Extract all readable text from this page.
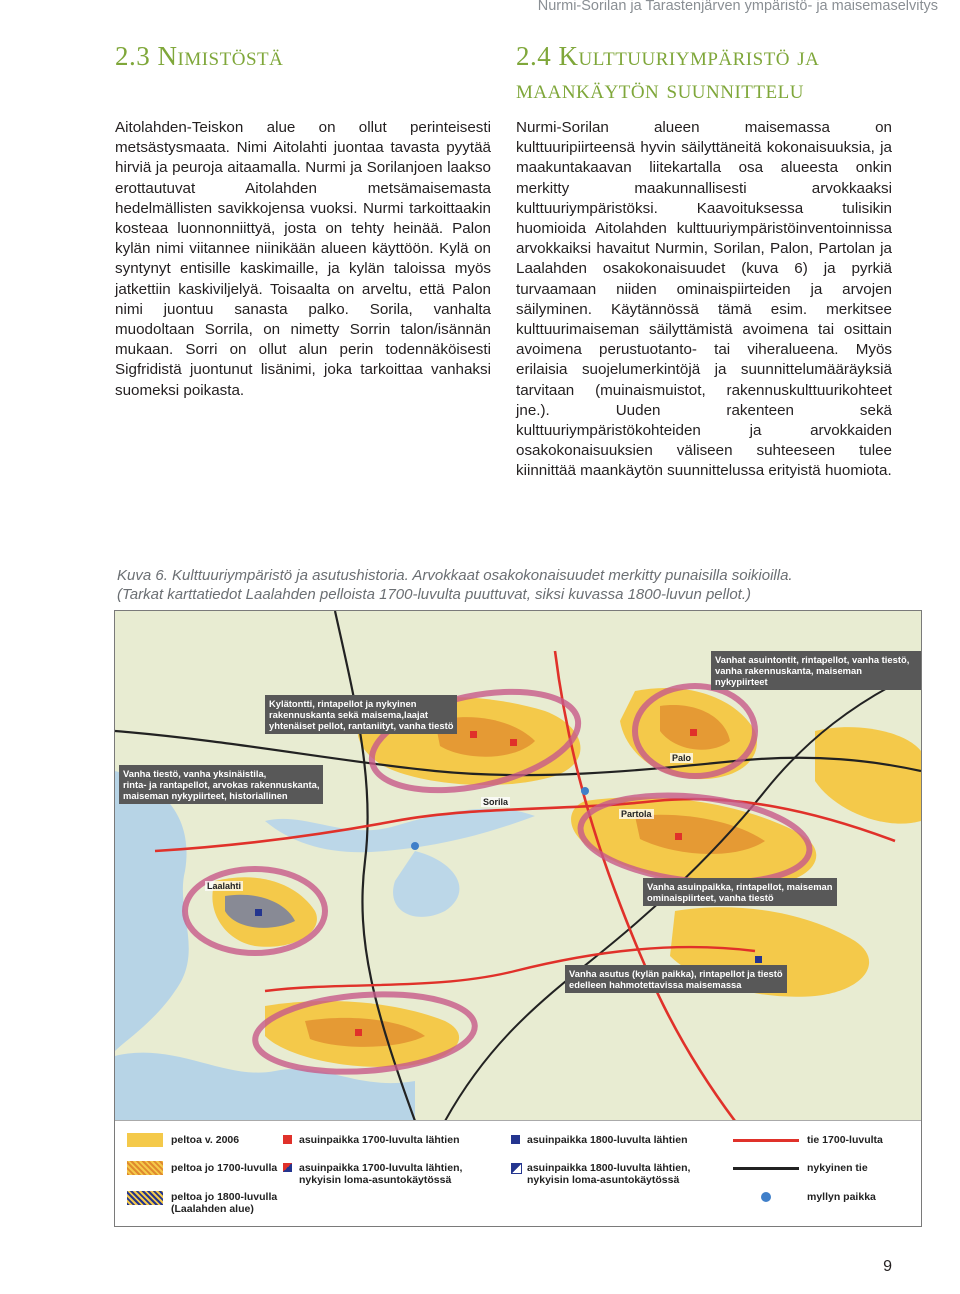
Nurmi-Sorilan ja Tarastenjärven ympäristö- ja maisemaselvitys
2.3 Nimistöstä	2.4 Kulttuuriympäristö ja maankäytön suunnittelu

Aitolahden-Teiskon alue on ollut perinteisesti metsästysmaata. Nimi Aitolahti juontaa tavasta pyytää hirviä ja peuroja aitaamalla. Nurmi ja Sorilanjoen laakso erottautuvat Aitolahden metsämaisemasta hedelmällisten savikkojensa vuoksi. Nurmi tarkoittaakin kosteaa luonnonniittyä, josta on tehty heinää. Palon kylän nimi viitannee niinikään alueen käyttöön. Kylä on syntynyt entisille kaskimaille, ja kylän taloissa myös jatkettiin kaskiviljelyä. Toisaalta on arveltu, että Palon nimi juontuu sanasta palko. Sorila, vanhalta muodoltaan Sorrila, on nimetty Sorrin talon/isännän mukaan. Sorri on ollut alun perin todennäköisesti Sigfridistä juontunut lisänimi, joka tarkoittaa vanhaksi suomeksi poikasta.

Nurmi-Sorilan alueen maisemassa on kulttuuripiirteensä hyvin säilyttäneitä kokonaisuuksia, ja maakuntakaavan liitekartalla osa alueesta onkin merkitty maakunnallisesti arvokkaaksi kulttuuriympäristöksi. Kaavoituksessa tulisikin huomioida Aitolahden kulttuuriympäristöinventoinnissa arvokkaiksi havaitut Nurmin, Sorilan, Palon, Partolan ja Laalahden osakokonaisuudet (kuva 6) ja pyrkiä turvaamaan niiden ominaispiirteiden ja arvojen säilyminen. Käytännössä tämä esim. merkitsee kulttuurimaiseman säilyttämistä avoimena tai osittain avoimena perustuotanto- tai viheralueena. Myös erilaisia suojelumerkintöjä ja suunnittelumääräyksiä tarvitaan (muinaismuistot, rakennuskulttuurikohteet jne.). Uuden rakenteen sekä kulttuuriympäristökohteiden ja arvokkaiden osakokonaisuuksien väliseen suhteeseen tulee kiinnittää maankäytön suunnittelussa erityistä huomiota.

Kuva 6. Kulttuuriympäristö ja asutushistoria. Arvokkaat osakokonaisuudet merkitty punaisilla soikioilla.
(Tarkat karttatiedot Laalahden pelloista 1700-luvulta puuttuvat, siksi kuvassa 1800-luvun pellot.)
Vanhat asuintontit, rintapellot, vanha tiestö,
vanha rakennuskanta, maiseman nykypiirteet
Kylätontti, rintapellot ja nykyinen
rakennuskanta sekä maisema,laajat
yhtenäiset pellot, rantaniityt, vanha tiestö
Vanha tiestö, vanha yksinäistila,
rinta- ja rantapellot, arvokas rakennuskanta,
maiseman nykypiirteet, historiallinen
Vanha asuinpaikka, rintapellot, maiseman
ominaispiirteet, vanha tiestö
Vanha asutus (kylän paikka), rintapellot ja tiestö
edelleen hahmotettavissa maisemassa
Sorila
Palo
Partola
Laalahti
peltoa v. 2006
peltoa jo 1700-luvulla
peltoa jo 1800-luvulla
(Laalahden alue)
asuinpaikka 1700-luvulta lähtien
asuinpaikka 1700-luvulta lähtien,
nykyisin loma-asuntokäytössä
asuinpaikka 1800-luvulta lähtien
asuinpaikka 1800-luvulta lähtien,
nykyisin loma-asuntokäytössä
tie 1700-luvulta
nykyinen tie
myllyn paikka
9
